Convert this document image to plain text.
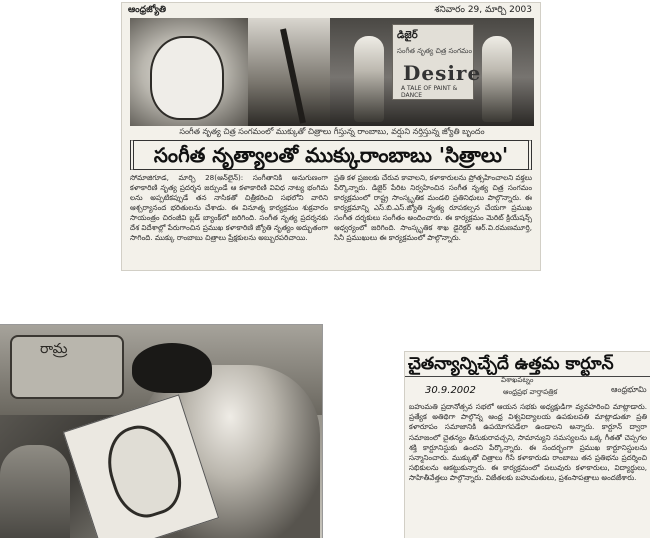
ఆంధ్రజ్యోతి	శనివారం 29, మార్చి 2003
డిజైర్
సంగీత నృత్య చిత్ర సంగమం
Desire
A TALE OF PAINT & DANCE
సంగీత నృత్య చిత్ర సంగమంలో ముక్కుతో చిత్రాలు గీస్తున్న రాంబాబు, వర్షుని నర్తిస్తున్న జ్యోతి బృందం
సంగీత నృత్యాలతో ముక్కురాంబాబు 'సిత్రాలు'

సోమాజిగూడ, మార్చి 28(ఆన్‌లైన్): సంగీతానికి అనుగుణంగా కళాకారిణి నృత్య ప్రదర్శన జర్పుండే ఆ కళాకారిణి వివిధ నాట్య భంగిమ లను అప్పటికప్పుడే తన నాసికతో చిత్రీకరించి సభలోని వారిని ఆశ్చర్యానంద భరితులను చేశాడు. ఈ వినూత్న కార్యక్రమం శుక్రవారం సాయంత్రం చిరంజీవి బ్లడ్ బ్యాంక్‌లో జరిగింది. సంగీత నృత్య ప్రదర్శనకు దేశ విదేశాల్లో పేరుగాంచిన ప్రముఖ కళాకారిణి జ్యోతి నృత్యం అద్భుతంగా సాగింది. ముక్కు రాంబాబు చిత్రాలు ప్రేక్షకులను అబ్బురపరిచాయి.

ప్రతి కళ ప్రజలకు చేరువ కావాలని, కళాకారులను ప్రోత్సహించాలని వక్తలు పేర్కొన్నారు. డిజైర్ పేరిట నిర్వహించిన సంగీత నృత్య చిత్ర సంగమం కార్యక్రమంలో రాష్ట్ర సాంస్కృతిక మండలి ప్రతినిధులు పాల్గొన్నారు. ఈ కార్యక్రమాన్ని ఎస్.బి.ఎస్.జ్యోతి నృత్య రూపకల్పన చేయగా ప్రముఖ సంగీత దర్శకులు సంగీతం అందించారు. ఈ కార్యక్రమం మెరిట్ క్రియేషన్స్ ఆధ్వర్యంలో జరిగింది. సాంస్కృతిక శాఖ డైరెక్టర్ ఆర్.వి.రమణమూర్తి, సినీ ప్రముఖులు ఈ కార్యక్రమంలో పాల్గొన్నారు.

రామ్ర
చైతన్యాన్నిచ్చేదే ఉత్తమ కార్టూన్
విశాఖపట్నం
30.9.2002	ఆంధ్రప్రభ వార్తాపత్రిక	ఆంధ్రభూమి

బహుమతి ప్రదానోత్సవ సభలో ఆయన సభకు అధ్యక్షుడిగా వ్యవహరించి మాట్లాడారు. ప్రత్యేక అతిథిగా పాల్గొన్న ఆంధ్ర విశ్వవిద్యాలయ ఉపకులపతి మాట్లాడుతూ ప్రతి కళారూపం సమాజానికి ఉపయోగపడేలా ఉండాలని అన్నారు. కార్టూన్ ద్వారా సమాజంలో చైతన్యం తీసుకురావచ్చని, సామాన్యుని సమస్యలను ఒక్క గీతతో చెప్పగల శక్తి కార్టూనిస్టుకు ఉందని పేర్కొన్నారు. ఈ సందర్భంగా ప్రముఖ కార్టూనిస్టులను సన్మానించారు. ముక్కుతో చిత్రాలు గీసే కళాకారుడు రాంబాబు తన ప్రతిభను ప్రదర్శించి సభికులను ఆకట్టుకున్నారు. ఈ కార్యక్రమంలో పలువురు కళాకారులు, విద్యార్థులు, సాహితీవేత్తలు పాల్గొన్నారు. విజేతలకు బహుమతులు, ప్రశంసాపత్రాలు అందజేశారు.
